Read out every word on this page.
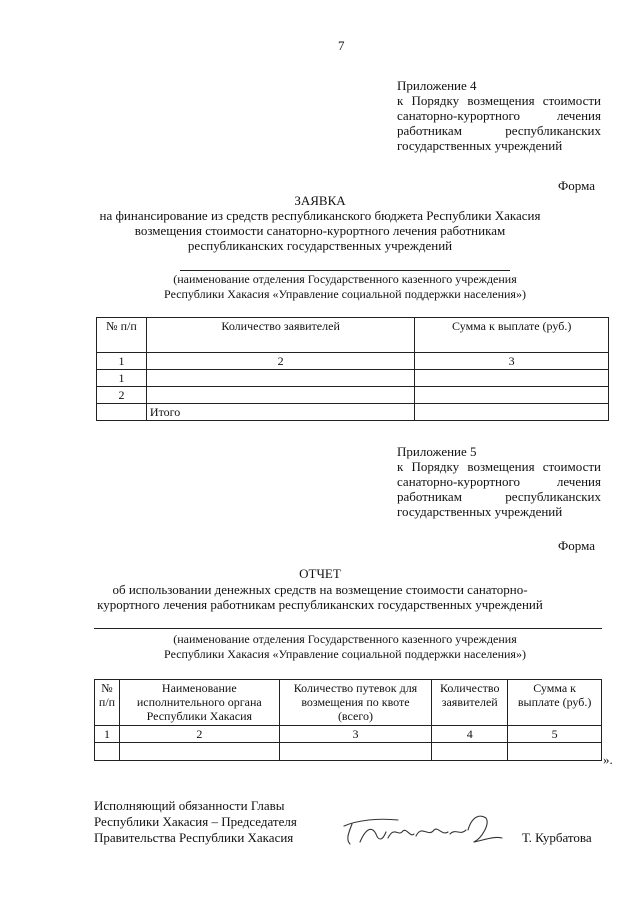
7
Приложение 4
к Порядку возмещения стоимости
санаторно-курортного	лечения
работникам	республиканских
государственных учреждений
Форма
ЗАЯВКА
на финансирование из средств республиканского бюджета Республики Хакасия
возмещения стоимости санаторно-курортного лечения работникам
республиканских государственных учреждений
(наименование отделения Государственного казенного учреждения
Республики Хакасия «Управление социальной поддержки населения»)
№ п/п	Количество заявителей	Сумма к выплате (руб.)
1	2	3
1		
2		
	Итого	
Приложение 5
к Порядку возмещения стоимости
санаторно-курортного	лечения
работникам	республиканских
государственных учреждений
Форма
ОТЧЕТ
об использовании денежных средств на возмещение стоимости санаторно-
курортного лечения работникам республиканских государственных учреждений
(наименование отделения Государственного казенного учреждения
Республики Хакасия «Управление социальной поддержки населения»)
№ п/п	Наименование исполнительного органа Республики Хакасия	Количество путевок для возмещения по квоте (всего)	Количество заявителей	Сумма к выплате (руб.)
1	2	3	4	5

».
Исполняющий обязанности Главы
Республики Хакасия – Председателя
Правительства Республики Хакасия	Т. Курбатова
